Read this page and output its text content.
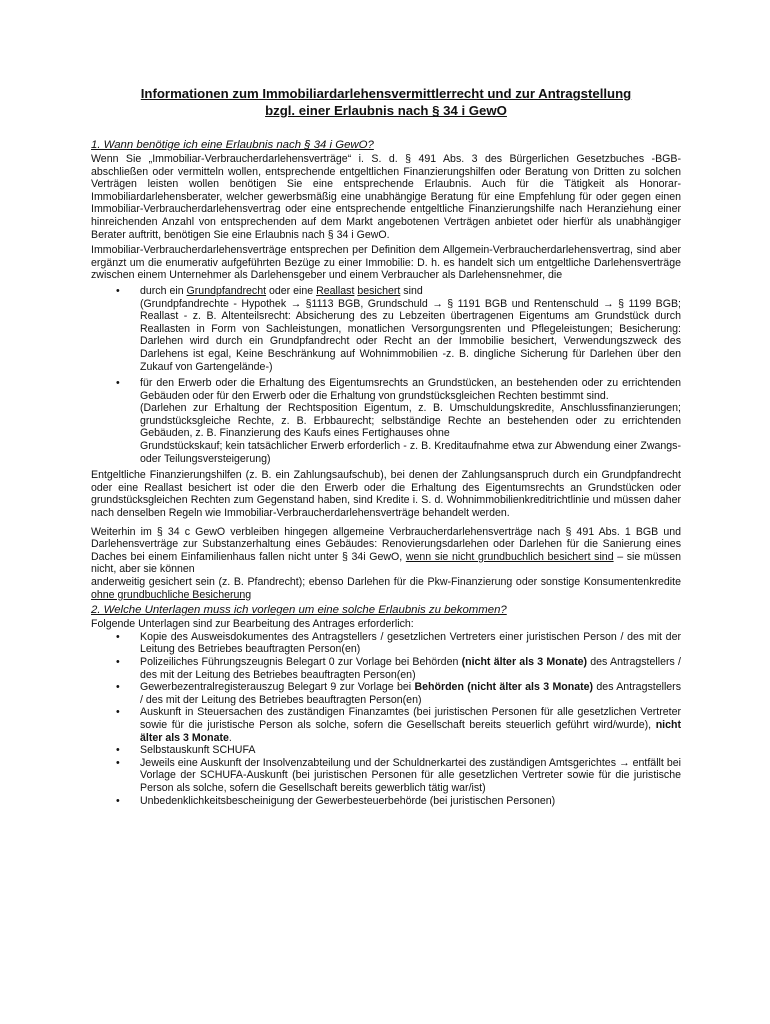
Informationen zum Immobiliardarlehensvermittlerrecht und zur Antragstellung
bzgl. einer Erlaubnis nach § 34 i GewO
1. Wann benötige ich eine Erlaubnis nach § 34 i GewO?

Wenn Sie „Immobiliar-Verbraucherdarlehensverträge“ i. S. d. § 491 Abs. 3 des Bürgerlichen Gesetzbuches -BGB- abschließen oder vermitteln wollen, entsprechende entgeltlichen Finanzierungshilfen oder Beratung von Dritten zu solchen Verträgen leisten wollen benötigen Sie eine entsprechende Erlaubnis. Auch für die Tätigkeit als Honorar-Immobiliardarlehensberater, welcher gewerbsmäßig eine unabhängige Beratung für eine Empfehlung für oder gegen einen Immobiliar-Verbraucherdarlehensvertrag oder eine entsprechende entgeltliche Finanzierungshilfe nach Heranziehung einer hinreichenden Anzahl von entsprechenden auf dem Markt angebotenen Verträgen anbietet oder hierfür als unabhängiger Berater auftritt, benötigen Sie eine Erlaubnis nach § 34 i GewO.

Immobiliar-Verbraucherdarlehensverträge entsprechen per Definition dem Allgemein-Verbraucherdarlehensvertrag, sind aber ergänzt um die enumerativ aufgeführten Bezüge zu einer Immobilie: D. h. es handelt sich um entgeltliche Darlehensverträge zwischen einem Unternehmer als Darlehensgeber und einem Verbraucher als Darlehensnehmer, die

• durch ein Grundpfandrecht oder eine Reallast besichert sind
(Grundpfandrechte - Hypothek → §1113 BGB, Grundschuld → § 1191 BGB und Rentenschuld → § 1199 BGB; Reallast - z. B. Altenteilsrecht: Absicherung des zu Lebzeiten übertragenen Eigentums am Grundstück durch Reallasten in Form von Sachleistungen, monatlichen Versorgungsrenten und Pflegeleistungen; Besicherung: Darlehen wird durch ein Grundpfandrecht oder Recht an der Immobilie besichert, Verwendungszweck des Darlehens ist egal, Keine Beschränkung auf Wohnimmobilien -z. B. dingliche Sicherung für Darlehen über den Zukauf von Gartengelände-)
• für den Erwerb oder die Erhaltung des Eigentumsrechts an Grundstücken, an bestehenden oder zu errichtenden Gebäuden oder für den Erwerb oder die Erhaltung von grundstücksgleichen Rechten bestimmt sind.
(Darlehen zur Erhaltung der Rechtsposition Eigentum, z. B. Umschuldungskredite, Anschlussfinanzierungen; grundstücksgleiche Rechte, z. B. Erbbaurecht; selbständige Rechte an bestehenden oder zu errichtenden Gebäuden, z. B. Finanzierung des Kaufs eines Fertighauses ohne
Grundstückskauf; kein tatsächlicher Erwerb erforderlich - z. B. Kreditaufnahme etwa zur Abwendung einer Zwangs- oder Teilungsversteigerung)

Entgeltliche Finanzierungshilfen (z. B. ein Zahlungsaufschub), bei denen der Zahlungsanspruch durch ein Grundpfandrecht oder eine Reallast besichert ist oder die den Erwerb oder die Erhaltung des Eigentumsrechts an Grundstücken oder grundstücksgleichen Rechten zum Gegenstand haben, sind Kredite i. S. d. Wohnimmobilienkreditrichtlinie und müssen daher nach denselben Regeln wie Immobiliar-Verbraucherdarlehensverträge behandelt werden.

Weiterhin im § 34 c GewO verbleiben hingegen allgemeine Verbraucherdarlehensverträge nach § 491 Abs. 1 BGB und Darlehensverträge zur Substanzerhaltung eines Gebäudes: Renovierungsdarlehen oder Darlehen für die Sanierung eines Daches bei einem Einfamilienhaus fallen nicht unter § 34i GewO, wenn sie nicht grundbuchlich besichert sind – sie müssen nicht, aber sie können
anderweitig gesichert sein (z. B. Pfandrecht); ebenso Darlehen für die Pkw-Finanzierung oder sonstige Konsumentenkredite ohne grundbuchliche Besicherung

2. Welche Unterlagen muss ich vorlegen um eine solche Erlaubnis zu bekommen?

Folgende Unterlagen sind zur Bearbeitung des Antrages erforderlich:

• Kopie des Ausweisdokumentes des Antragstellers / gesetzlichen Vertreters einer juristischen Person / des mit der Leitung des Betriebes beauftragten Person(en)
• Polizeiliches Führungszeugnis Belegart 0 zur Vorlage bei Behörden (nicht älter als 3 Monate) des Antragstellers / des mit der Leitung des Betriebes beauftragten Person(en)
• Gewerbezentralregisterauszug Belegart 9 zur Vorlage bei Behörden (nicht älter als 3 Monate) des Antragstellers / des mit der Leitung des Betriebes beauftragten Person(en)
• Auskunft in Steuersachen des zuständigen Finanzamtes (bei juristischen Personen für alle gesetzlichen Vertreter sowie für die juristische Person als solche, sofern die Gesellschaft bereits steuerlich geführt wird/wurde), nicht älter als 3 Monate.
• Selbstauskunft SCHUFA
• Jeweils eine Auskunft der Insolvenzabteilung und der Schuldnerkartei des zuständigen Amtsgerichtes → entfällt bei Vorlage der SCHUFA-Auskunft (bei juristischen Personen für alle gesetzlichen Vertreter sowie für die juristische Person als solche, sofern die Gesellschaft bereits gewerblich tätig war/ist)
• Unbedenklichkeitsbescheinigung der Gewerbesteuerbehörde (bei juristischen Personen)
